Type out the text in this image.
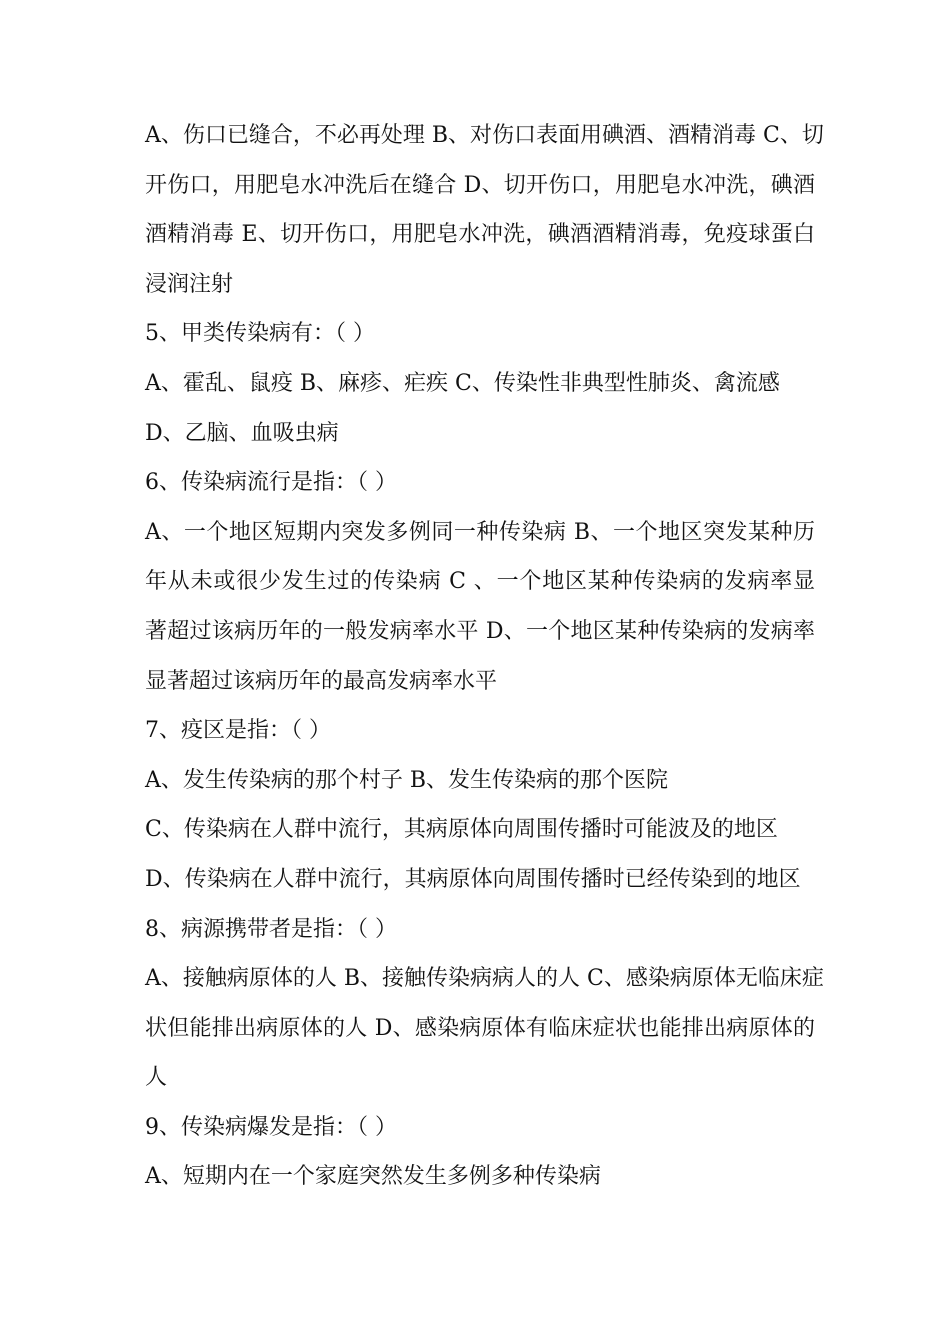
A、伤口已缝合，不必再处理 B、对伤口表面用碘酒、酒精消毒 C、切
开伤口，用肥皂水冲洗后在缝合 D、切开伤口，用肥皂水冲洗，碘酒
酒精消毒 E、切开伤口，用肥皂水冲洗，碘酒酒精消毒，免疫球蛋白
浸润注射
5、甲类传染病有：（ ）
A、霍乱、鼠疫 B、麻疹、疟疾 C、传染性非典型性肺炎、禽流感
D、乙脑、血吸虫病
6、传染病流行是指：（ ）
A、一个地区短期内突发多例同一种传染病 B、一个地区突发某种历
年从未或很少发生过的传染病 C 、一个地区某种传染病的发病率显
著超过该病历年的一般发病率水平 D、一个地区某种传染病的发病率
显著超过该病历年的最高发病率水平
7、疫区是指：（ ）
A、发生传染病的那个村子 B、发生传染病的那个医院
C、传染病在人群中流行，其病原体向周围传播时可能波及的地区
D、传染病在人群中流行，其病原体向周围传播时已经传染到的地区
8、病源携带者是指：（ ）
A、接触病原体的人 B、接触传染病病人的人 C、感染病原体无临床症
状但能排出病原体的人 D、感染病原体有临床症状也能排出病原体的
人
9、传染病爆发是指：（ ）
A、短期内在一个家庭突然发生多例多种传染病
